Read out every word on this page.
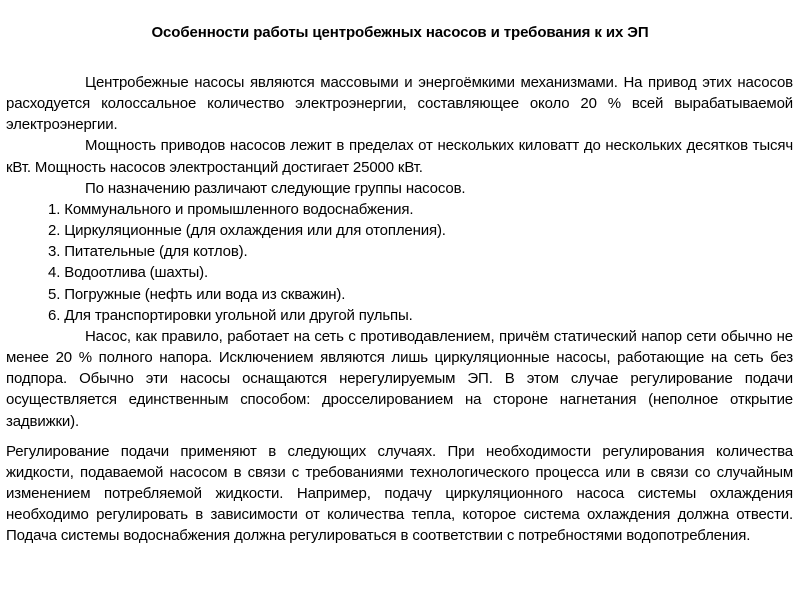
Особенности работы центробежных насосов и требования к их ЭП

Центробежные насосы являются массовыми и энергоёмкими механизмами. На привод этих насосов расходуется колоссальное количество электроэнергии, составляющее около 20 % всей вырабатываемой электроэнергии.

Мощность приводов насосов лежит в пределах от нескольких киловатт до нескольких десятков тысяч кВт. Мощность насосов электростанций достигает 25000 кВт.

По назначению различают следующие группы насосов.

1. Коммунального и промышленного водоснабжения.
2. Циркуляционные (для охлаждения или для отопления).
3. Питательные (для котлов).
4. Водоотлива (шахты).
5. Погружные (нефть или вода из скважин).
6. Для транспортировки угольной или другой пульпы.

Насос, как правило, работает на сеть с противодавлением, причём статический напор сети обычно не менее 20 % полного напора. Исключением являются лишь циркуляционные насосы, работающие на сеть без подпора. Обычно эти насосы оснащаются нерегулируемым ЭП. В этом случае регулирование подачи осуществляется единственным способом: дросселированием на стороне нагнетания (неполное открытие задвижки).

Регулирование подачи применяют в следующих случаях. При необходимости регулирования количества жидкости, подаваемой насосом в связи с требованиями технологического процесса или в связи со случайным изменением потребляемой жидкости. Например, подачу циркуляционного насоса системы охлаждения необходимо регулировать в зависимости от количества тепла, которое система охлаждения должна отвести. Подача системы водоснабжения должна регулироваться в соответствии с потребностями водопотребления.
